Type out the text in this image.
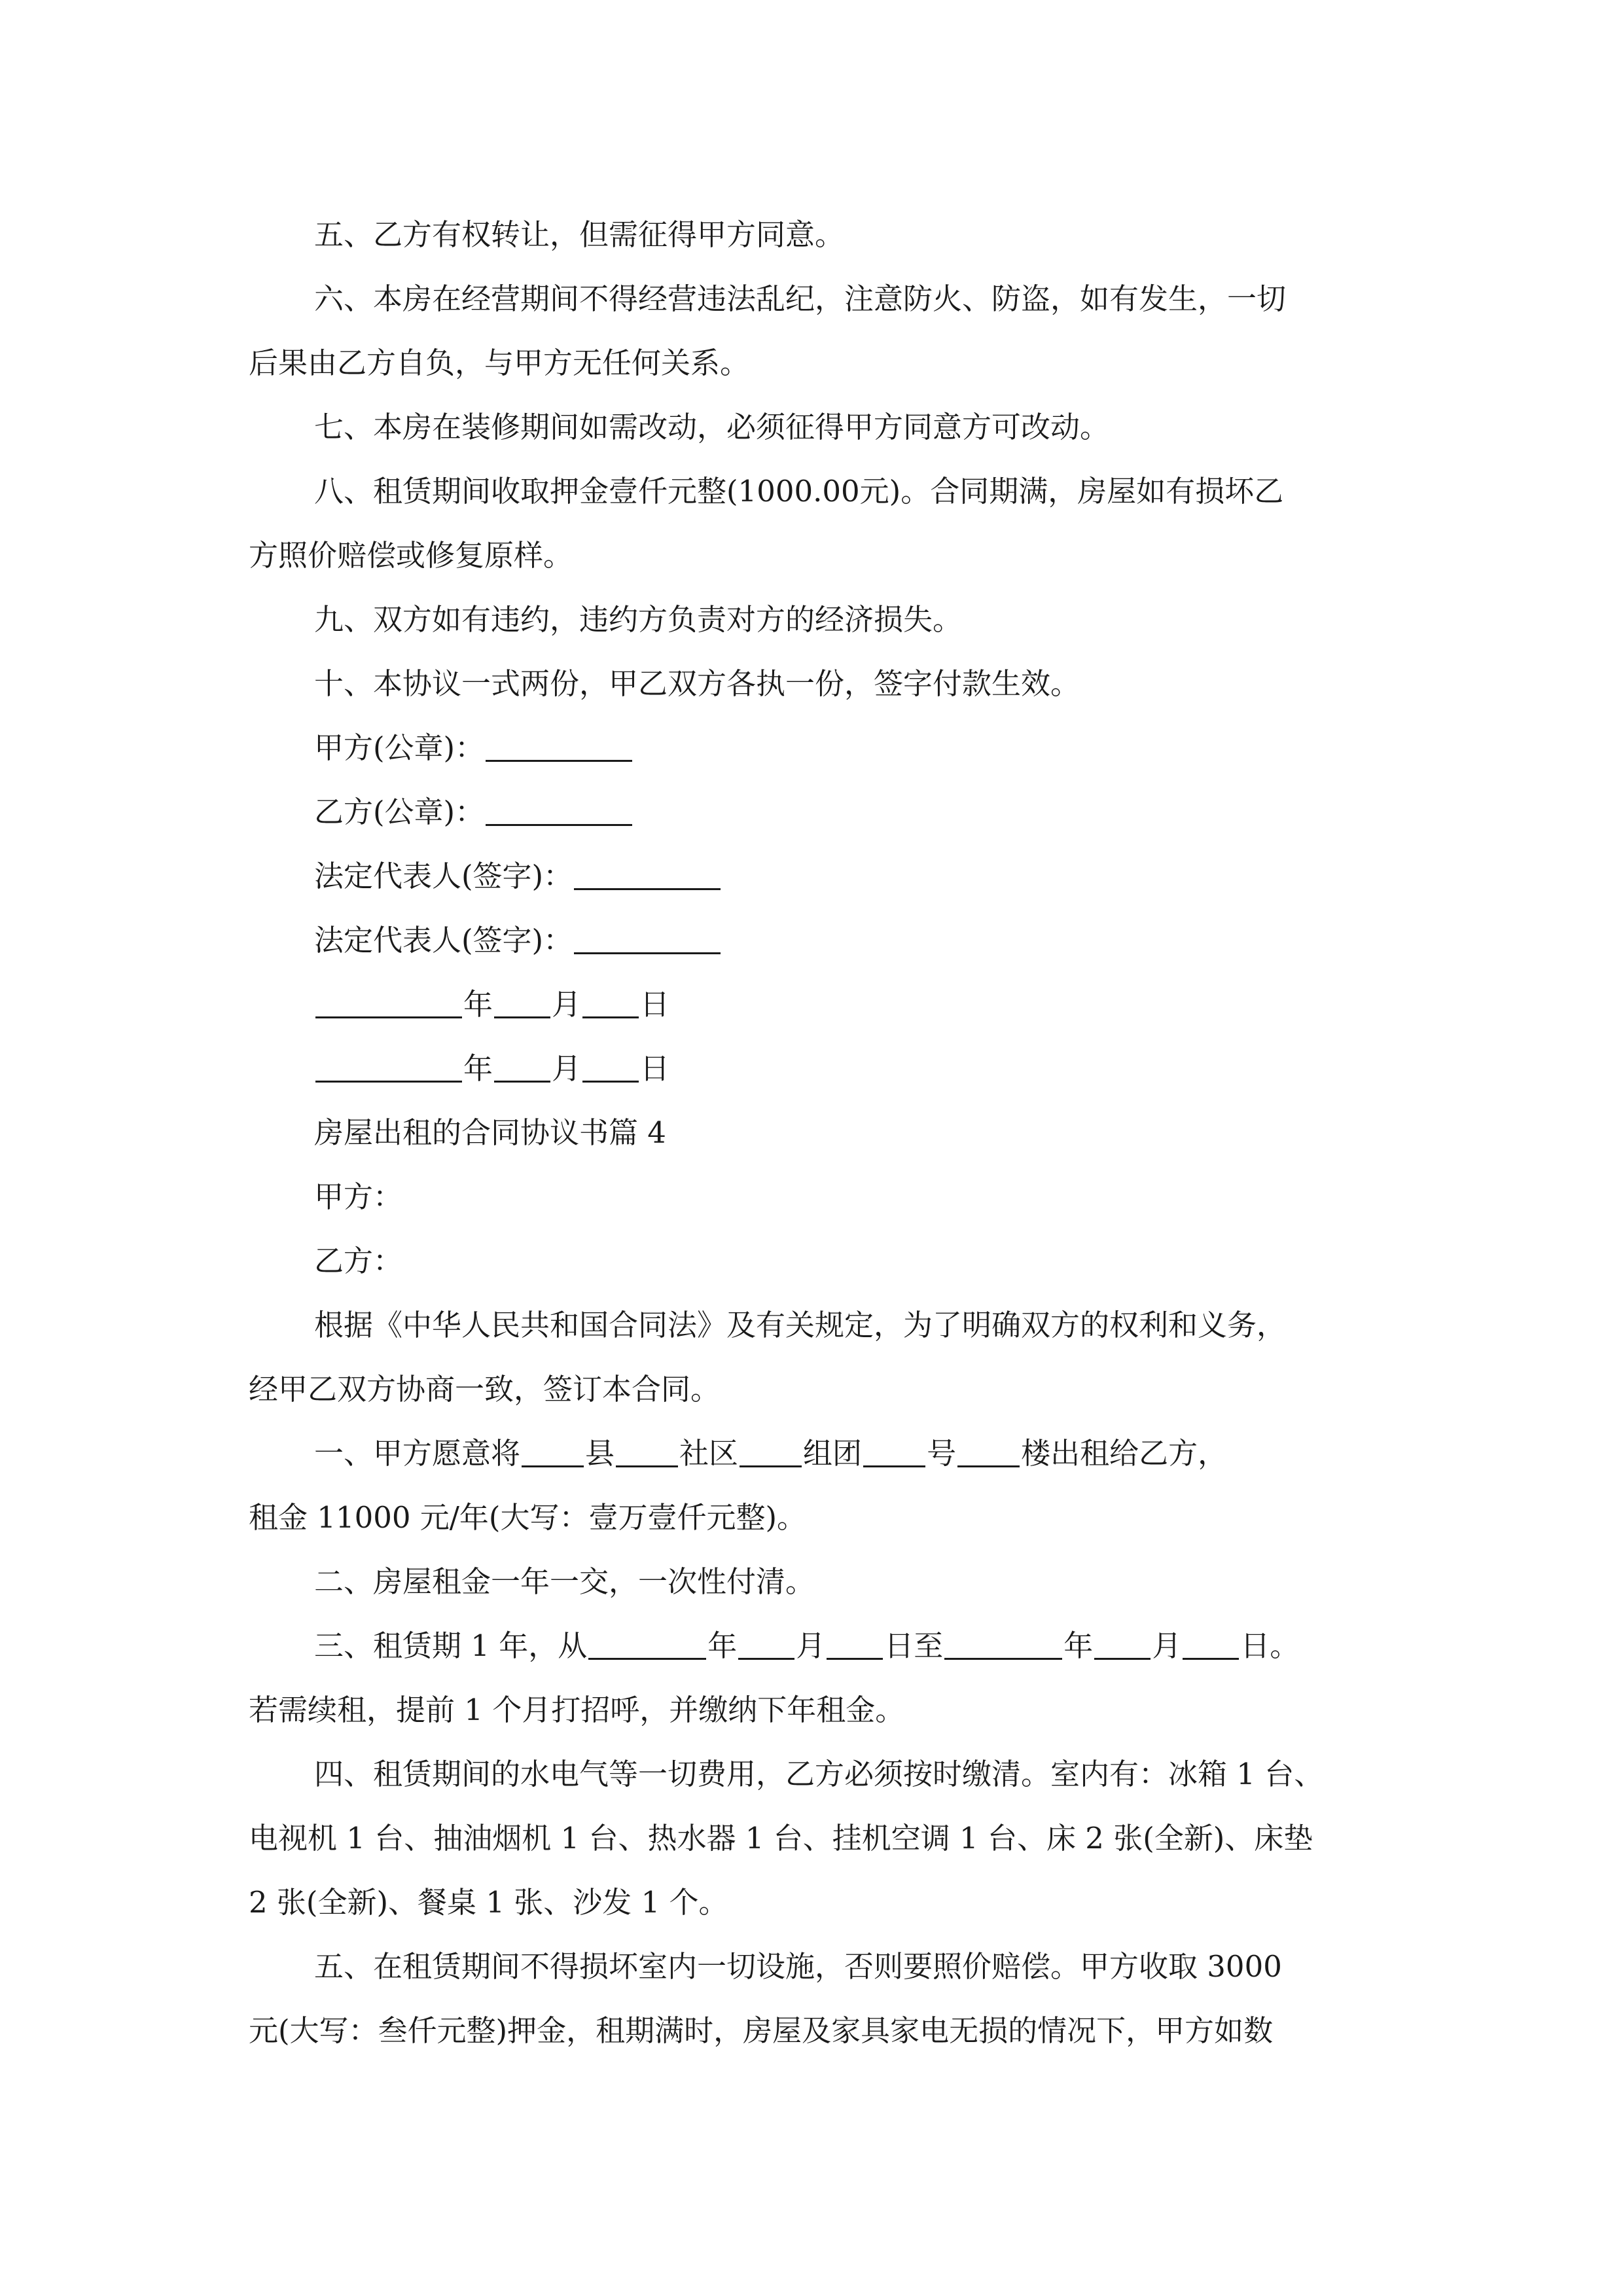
五、乙方有权转让，但需征得甲方同意。

六、本房在经营期间不得经营违法乱纪，注意防火、防盗，如有发生，一切

后果由乙方自负，与甲方无任何关系。

七、本房在装修期间如需改动，必须征得甲方同意方可改动。

八、租赁期间收取押金壹仟元整(1000.00元)。合同期满，房屋如有损坏乙

方照价赔偿或修复原样。

九、双方如有违约，违约方负责对方的经济损失。

十、本协议一式两份，甲乙双方各执一份，签字付款生效。

甲方(公章)：

乙方(公章)：

法定代表人(签字)：

法定代表人(签字)：

年 月 日

年 月 日

房屋出租的合同协议书篇 4

甲方：

乙方：

根据《中华人民共和国合同法》及有关规定，为了明确双方的权利和义务，

经甲乙双方协商一致，签订本合同。

一、甲方愿意将 县 社区 组团 号 楼出租给乙方，

租金 11000 元/年(大写：壹万壹仟元整)。

二、房屋租金一年一交，一次性付清。

三、租赁期 1 年，从	年 月 日至	年 月 日。

若需续租，提前 1 个月打招呼，并缴纳下年租金。

四、租赁期间的水电气等一切费用，乙方必须按时缴清。室内有：冰箱 1 台、

电视机 1 台、抽油烟机 1 台、热水器 1 台、挂机空调 1 台、床 2 张(全新)、床垫

2 张(全新)、餐桌 1 张、沙发 1 个。

五、在租赁期间不得损坏室内一切设施，否则要照价赔偿。甲方收取 3000

元(大写：叁仟元整)押金，租期满时，房屋及家具家电无损的情况下，甲方如数
